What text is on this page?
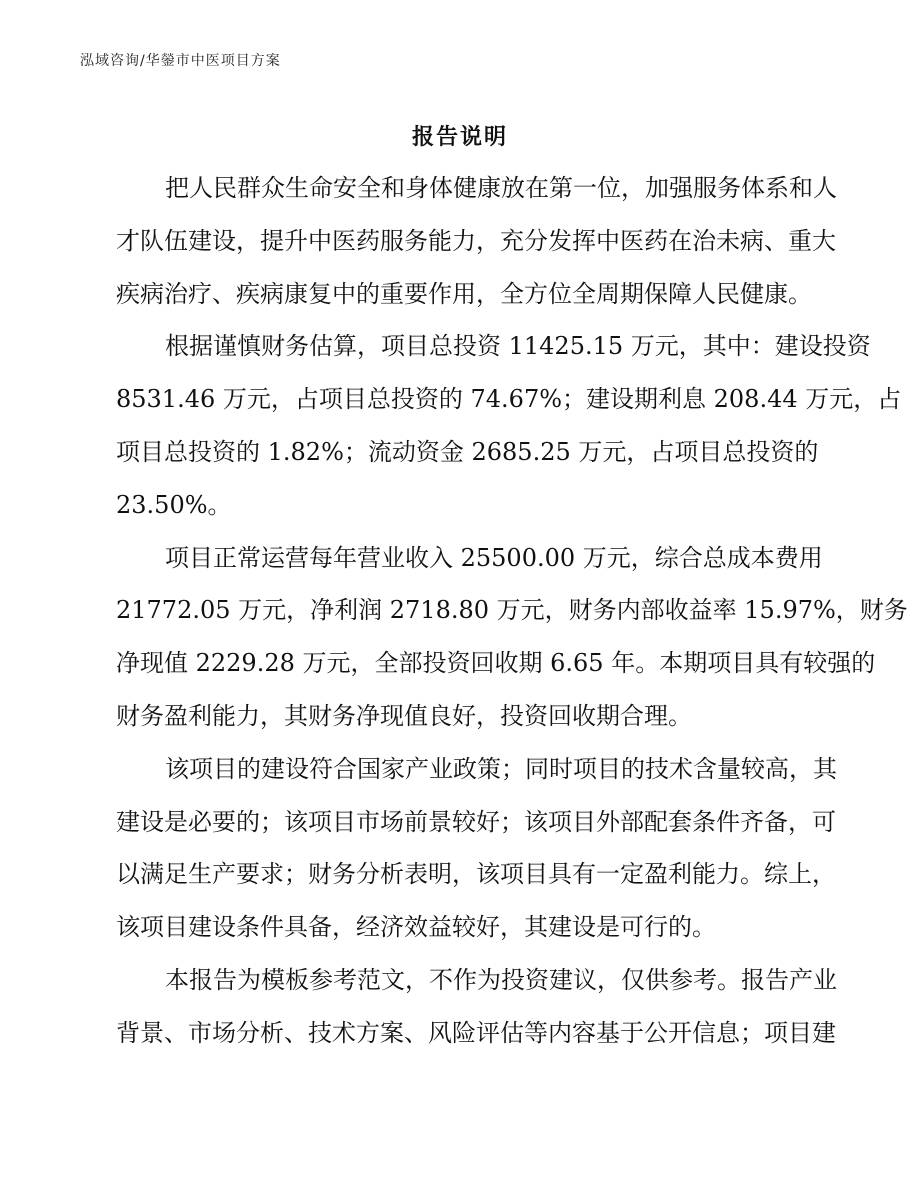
泓域咨询/华鎣市中医项目方案
报告说明
把人民群众生命安全和身体健康放在第一位，加强服务体系和人
才队伍建设，提升中医药服务能力，充分发挥中医药在治未病、重大
疾病治疗、疾病康复中的重要作用，全方位全周期保障人民健康。
根据谨慎财务估算，项目总投资 11425.15 万元，其中：建设投资
8531.46 万元，占项目总投资的 74.67%；建设期利息 208.44 万元，占
项目总投资的 1.82%；流动资金 2685.25 万元，占项目总投资的
23.50%。
项目正常运营每年营业收入 25500.00 万元，综合总成本费用
21772.05 万元，净利润 2718.80 万元，财务内部收益率 15.97%，财务
净现值 2229.28 万元，全部投资回收期 6.65 年。本期项目具有较强的
财务盈利能力，其财务净现值良好，投资回收期合理。
该项目的建设符合国家产业政策；同时项目的技术含量较高，其
建设是必要的；该项目市场前景较好；该项目外部配套条件齐备，可
以满足生产要求；财务分析表明，该项目具有一定盈利能力。综上，
该项目建设条件具备，经济效益较好，其建设是可行的。
本报告为模板参考范文，不作为投资建议，仅供参考。报告产业
背景、市场分析、技术方案、风险评估等内容基于公开信息；项目建
